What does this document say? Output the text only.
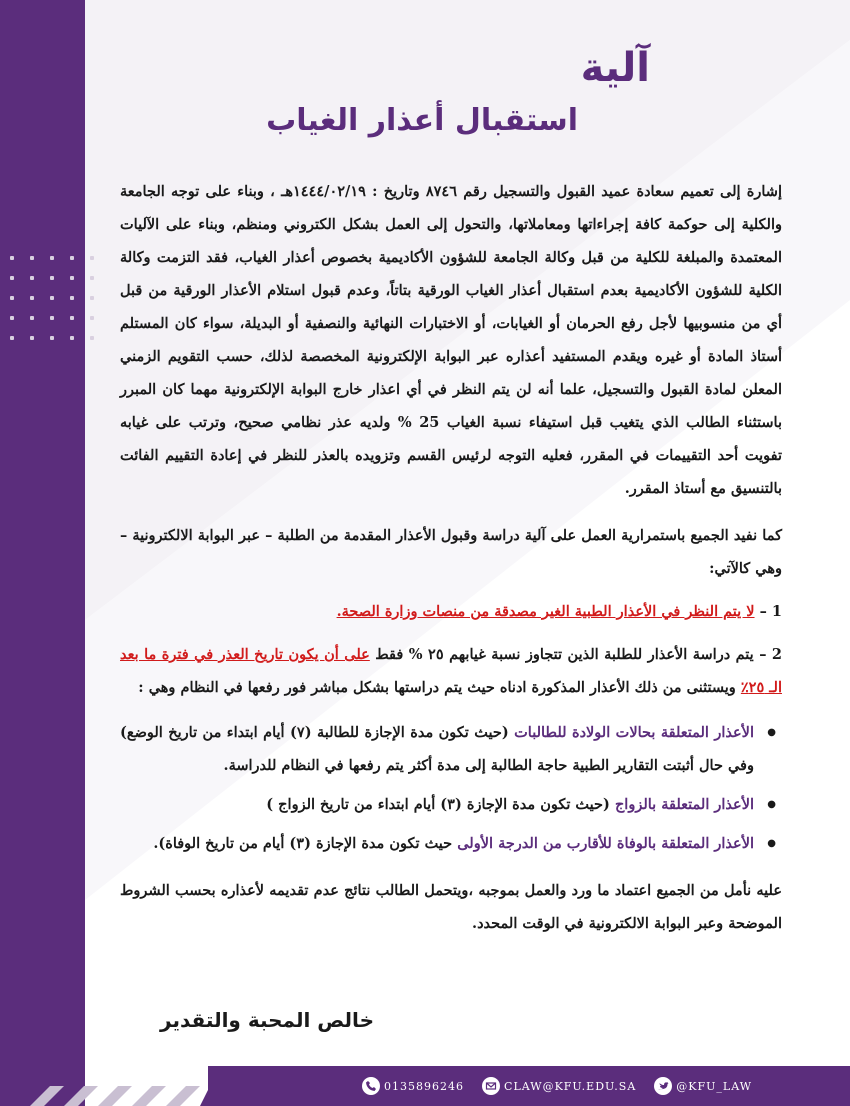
آلية
استقبال أعذار الغياب

إشارة إلى تعميم سعادة عميد القبول والتسجيل رقم ٨٧٤٦ وتاريخ : ١٤٤٤/٠٢/١٩هـ ، وبناء على توجه الجامعة والكلية إلى حوكمة كافة إجراءاتها ومعاملاتها، والتحول إلى العمل بشكل الكتروني ومنظم، وبناء على الآليات المعتمدة والمبلغة للكلية من قبل وكالة الجامعة للشؤون الأكاديمية بخصوص أعذار الغياب، فقد التزمت وكالة الكلية للشؤون الأكاديمية بعدم استقبال أعذار الغياب الورقية بتاتاً، وعدم قبول استلام الأعذار الورقية من قبل أي من منسوبيها لأجل رفع الحرمان أو الغيابات، أو الاختبارات النهائية والنصفية أو البديلة، سواء كان المستلم أستاذ المادة أو غيره ويقدم المستفيد أعذاره عبر البوابة الإلكترونية المخصصة لذلك، حسب التقويم الزمني المعلن لمادة القبول والتسجيل، علما أنه لن يتم النظر في أي اعذار خارج البوابة الإلكترونية مهما كان المبرر باستثناء الطالب الذي يتغيب قبل استيفاء نسبة الغياب 25 % ولديه عذر نظامي صحيح، وترتب على غيابه تفويت أحد التقييمات في المقرر، فعليه التوجه لرئيس القسم وتزويده بالعذر للنظر في إعادة التقييم الفائت بالتنسيق مع أستاذ المقرر.

كما نفيد الجميع باستمرارية العمل على آلية دراسة وقبول الأعذار المقدمة من الطلبة – عبر البوابة الالكترونية – وهي كالآتي:

1 – لا يتم النظر في الأعذار الطبية الغير مصدقة من منصات وزارة الصحة.

2 – يتم دراسة الأعذار للطلبة الذين تتجاوز نسبة غيابهم ٢٥ % فقط على أن يكون تاريخ العذر في فترة ما بعد الـ ٢٥٪ ويستثنى من ذلك الأعذار المذكورة ادناه حيث يتم دراستها بشكل مباشر فور رفعها في النظام وهي :

● الأعذار المتعلقة بحالات الولادة للطالبات (حيث تكون مدة الإجازة للطالبة (٧) أيام ابتداء من تاريخ الوضع) وفي حال أثبتت التقارير الطبية حاجة الطالبة إلى مدة أكثر يتم رفعها في النظام للدراسة.
● الأعذار المتعلقة بالزواج (حيث تكون مدة الإجازة (٣) أيام ابتداء من تاريخ الزواج )
● الأعذار المتعلقة بالوفاة للأقارب من الدرجة الأولى حيث تكون مدة الإجازة (٣) أيام من تاريخ الوفاة).

عليه نأمل من الجميع اعتماد ما ورد والعمل بموجبه ،ويتحمل الطالب نتائج عدم تقديمه لأعذاره بحسب الشروط الموضحة وعبر البوابة الالكترونية في الوقت المحدد.

خالص المحبة والتقدير
0135896246	CLAW@KFU.EDU.SA	@KFU_LAW
